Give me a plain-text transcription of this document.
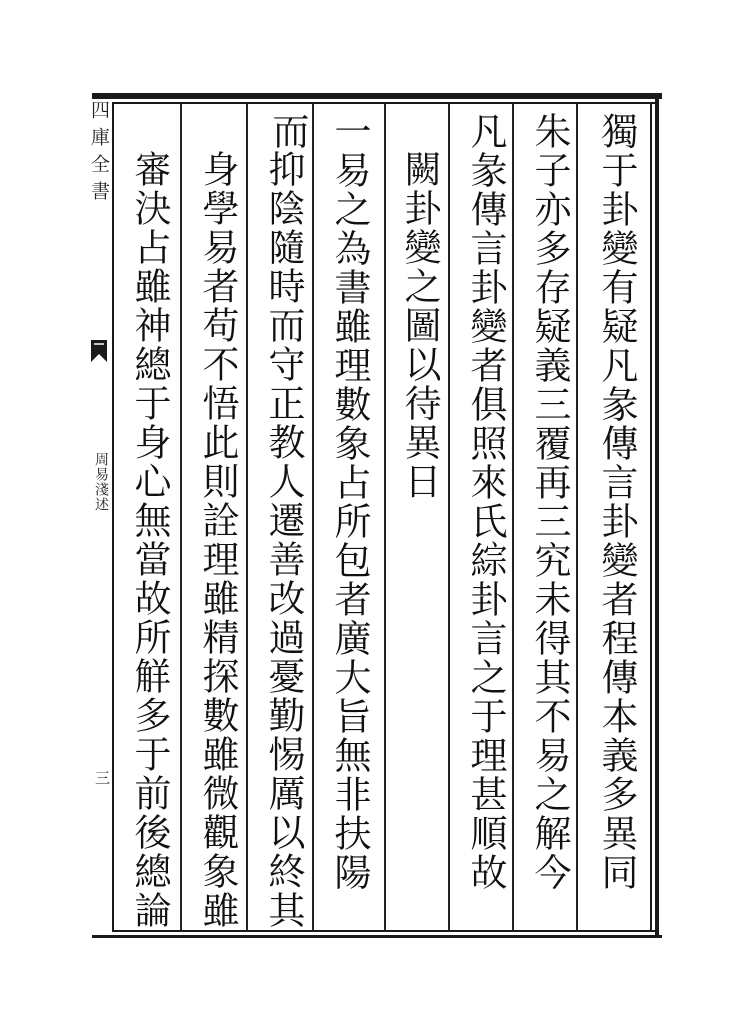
獨于卦變有疑凡彖傳言卦變者程傳本義多異同
朱子亦多存疑義三覆再三究未得其不易之解今
凡彖傳言卦變者俱照來氏綜卦言之于理甚順故
闕卦變之圖以待異日
一易之為書雖理數象占所包者廣大旨無非扶陽而
抑陰隨時而守正教人遷善改過憂勤惕厲以終其
身學易者苟不悟此則詮理雖精探數雖微觀象雖
審決占雖神總于身心無當故所觧多于前後總論
四庫全書
周易淺述
三
